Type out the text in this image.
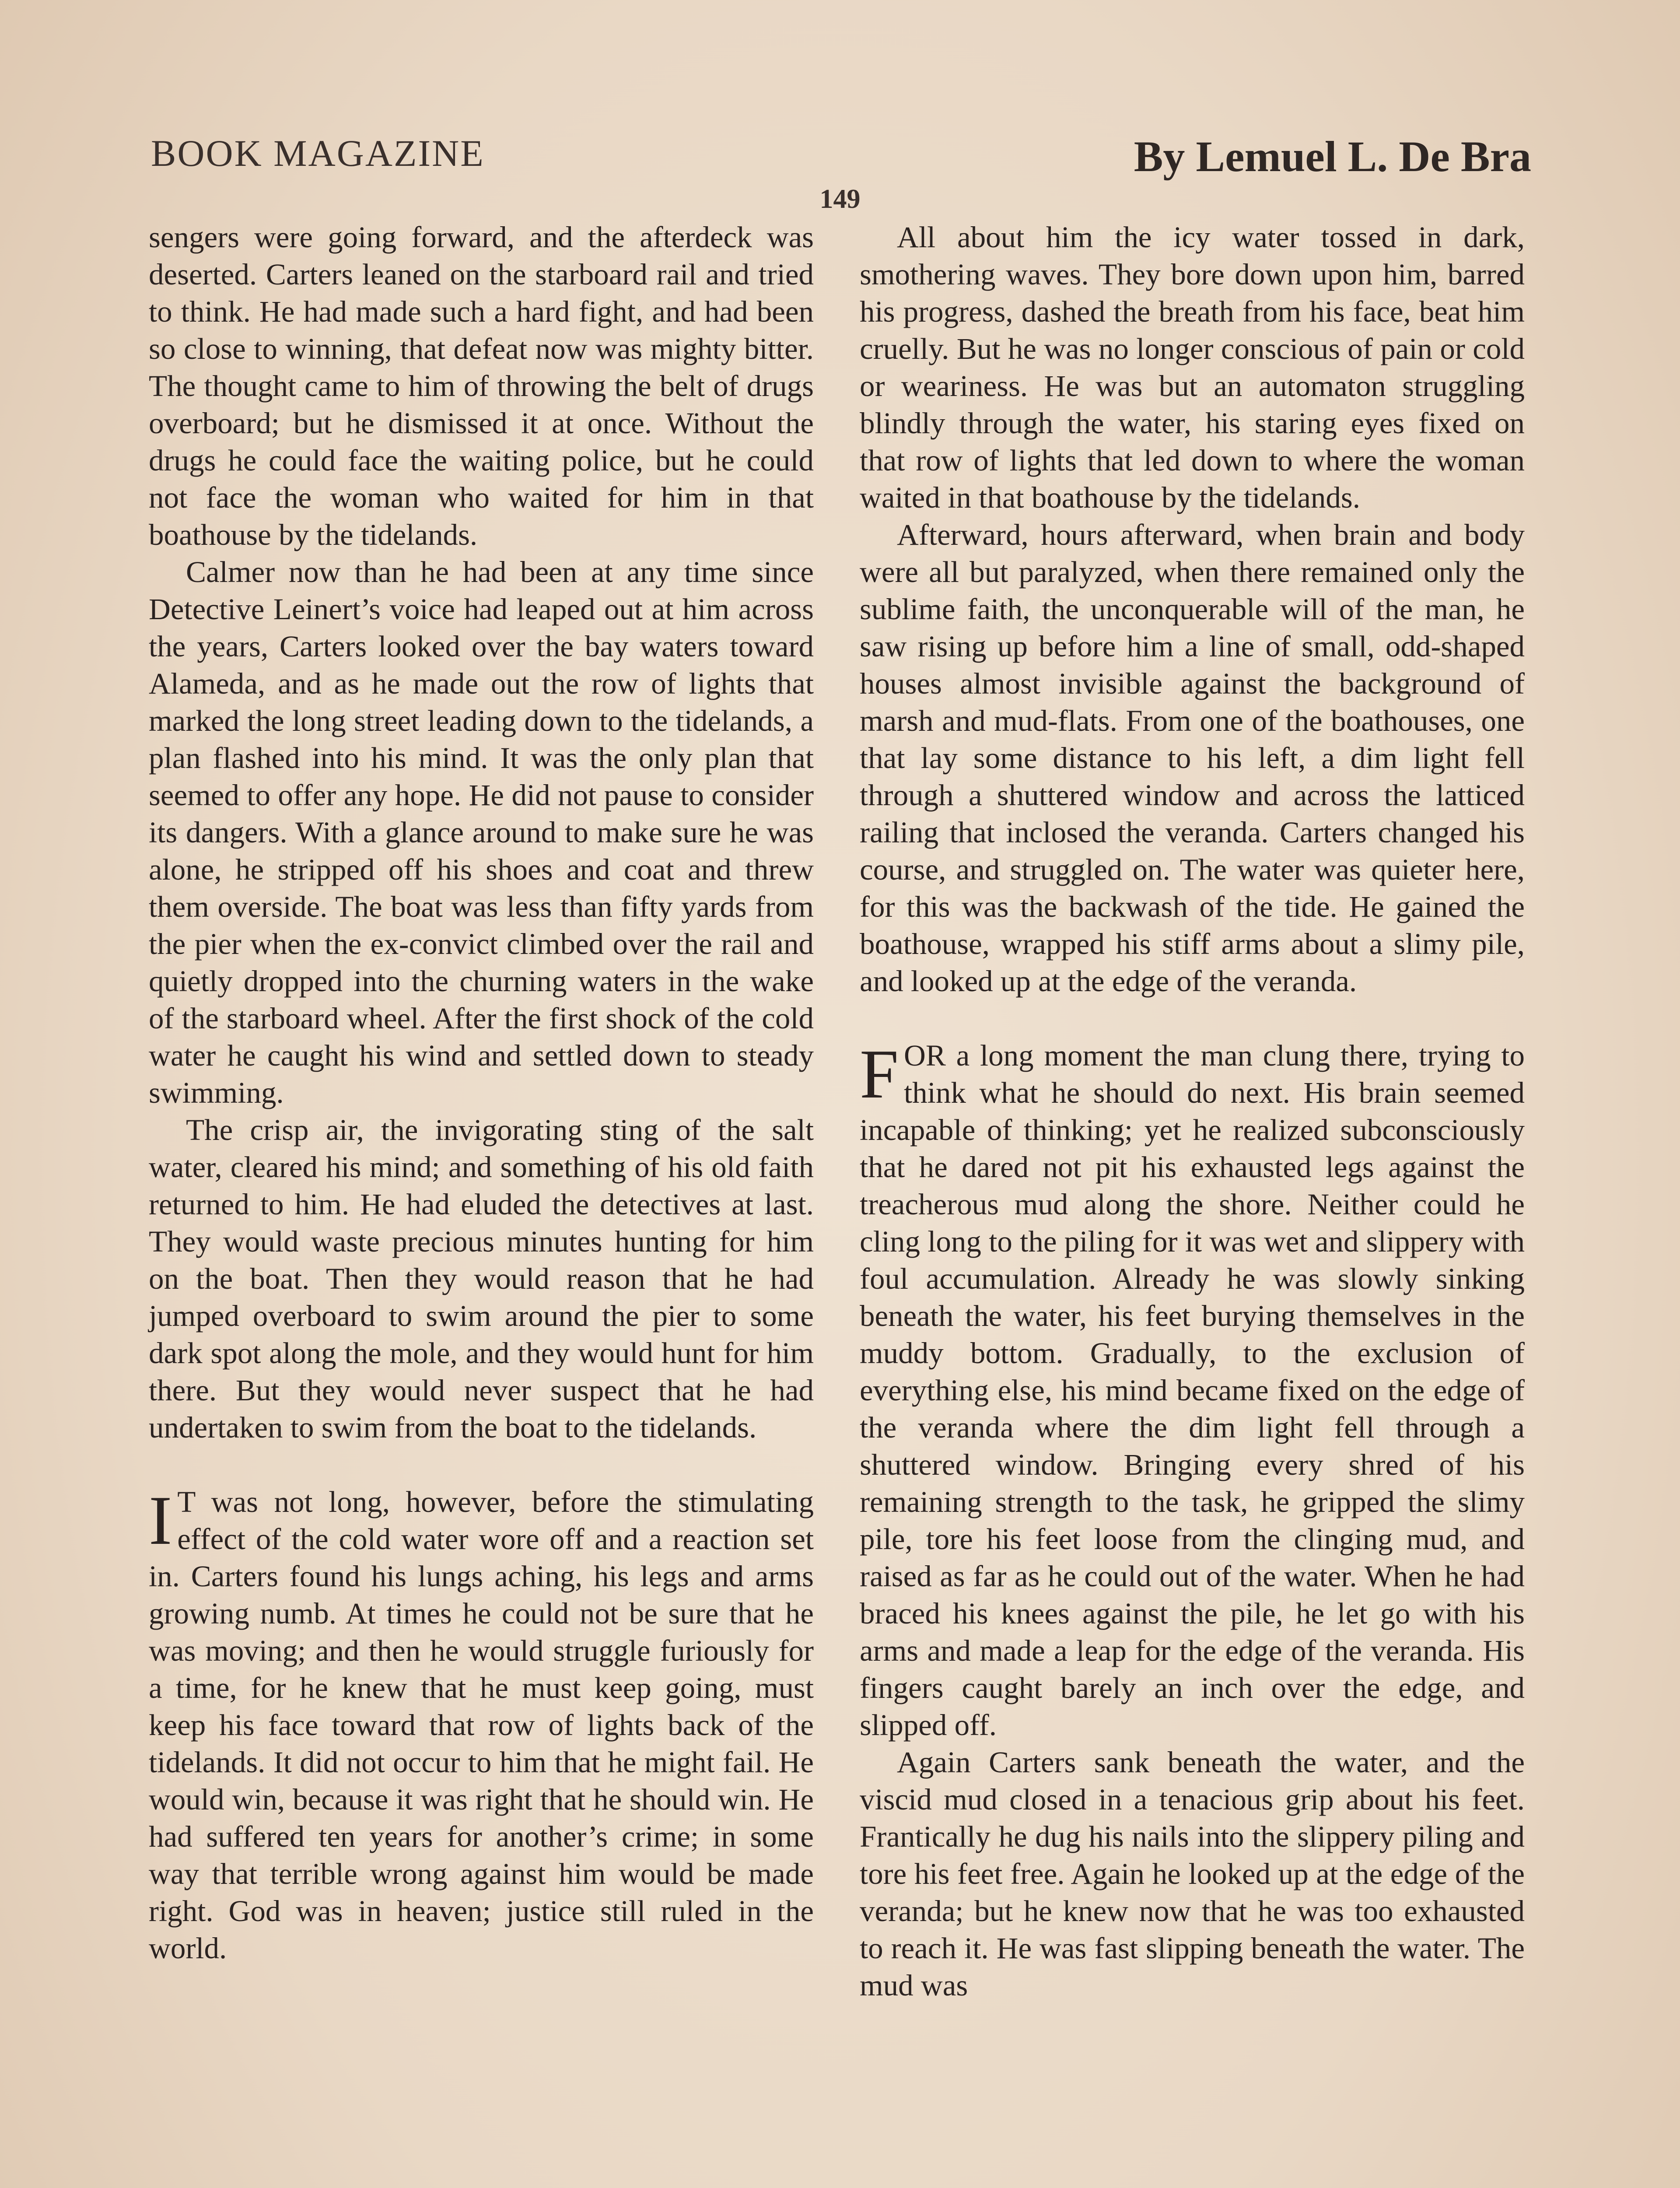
BOOK MAGAZINE	By Lemuel L. De Bra
149

sengers were going forward, and the afterdeck was deserted. Carters leaned on the starboard rail and tried to think. He had made such a hard fight, and had been so close to winning, that defeat now was mighty bitter. The thought came to him of throwing the belt of drugs overboard; but he dismissed it at once. Without the drugs he could face the waiting police, but he could not face the woman who waited for him in that boathouse by the tidelands.

Calmer now than he had been at any time since Detective Leinert’s voice had leaped out at him across the years, Carters looked over the bay waters toward Alameda, and as he made out the row of lights that marked the long street leading down to the tidelands, a plan flashed into his mind. It was the only plan that seemed to offer any hope. He did not pause to consider its dangers. With a glance around to make sure he was alone, he stripped off his shoes and coat and threw them overside. The boat was less than fifty yards from the pier when the ex-convict climbed over the rail and quietly dropped into the churning waters in the wake of the starboard wheel. After the first shock of the cold water he caught his wind and settled down to steady swimming.

The crisp air, the invigorating sting of the salt water, cleared his mind; and something of his old faith returned to him. He had eluded the detectives at last. They would waste precious minutes hunting for him on the boat. Then they would reason that he had jumped overboard to swim around the pier to some dark spot along the mole, and they would hunt for him there. But they would never suspect that he had undertaken to swim from the boat to the tidelands.

I T was not long, however, before the stimulating effect of the cold water wore off and a reaction set in. Carters found his lungs aching, his legs and arms growing numb. At times he could not be sure that he was moving; and then he would struggle furiously for a time, for he knew that he must keep going, must keep his face toward that row of lights back of the tidelands. It did not occur to him that he might fail. He would win, because it was right that he should win. He had suffered ten years for another’s crime; in some way that terrible wrong against him would be made right. God was in heaven; justice still ruled in the world.

All about him the icy water tossed in dark, smothering waves. They bore down upon him, barred his progress, dashed the breath from his face, beat him cruelly. But he was no longer conscious of pain or cold or weariness. He was but an automaton struggling blindly through the water, his staring eyes fixed on that row of lights that led down to where the woman waited in that boathouse by the tidelands.

Afterward, hours afterward, when brain and body were all but paralyzed, when there remained only the sublime faith, the unconquerable will of the man, he saw rising up before him a line of small, odd-shaped houses almost invisible against the background of marsh and mud-flats. From one of the boathouses, one that lay some distance to his left, a dim light fell through a shuttered window and across the latticed railing that inclosed the veranda. Carters changed his course, and struggled on. The water was quieter here, for this was the backwash of the tide. He gained the boathouse, wrapped his stiff arms about a slimy pile, and looked up at the edge of the veranda.

FOR a long moment the man clung there, trying to think what he should do next. His brain seemed incapable of thinking; yet he realized subconsciously that he dared not pit his exhausted legs against the treacherous mud along the shore. Neither could he cling long to the piling for it was wet and slippery with foul accumulation. Already he was slowly sinking beneath the water, his feet burying themselves in the muddy bottom. Gradually, to the exclusion of everything else, his mind became fixed on the edge of the veranda where the dim light fell through a shuttered window. Bringing every shred of his remaining strength to the task, he gripped the slimy pile, tore his feet loose from the clinging mud, and raised as far as he could out of the water. When he had braced his knees against the pile, he let go with his arms and made a leap for the edge of the veranda. His fingers caught barely an inch over the edge, and slipped off.

Again Carters sank beneath the water, and the viscid mud closed in a tenacious grip about his feet. Frantically he dug his nails into the slippery piling and tore his feet free. Again he looked up at the edge of the veranda; but he knew now that he was too exhausted to reach it. He was fast slipping beneath the water. The mud was
